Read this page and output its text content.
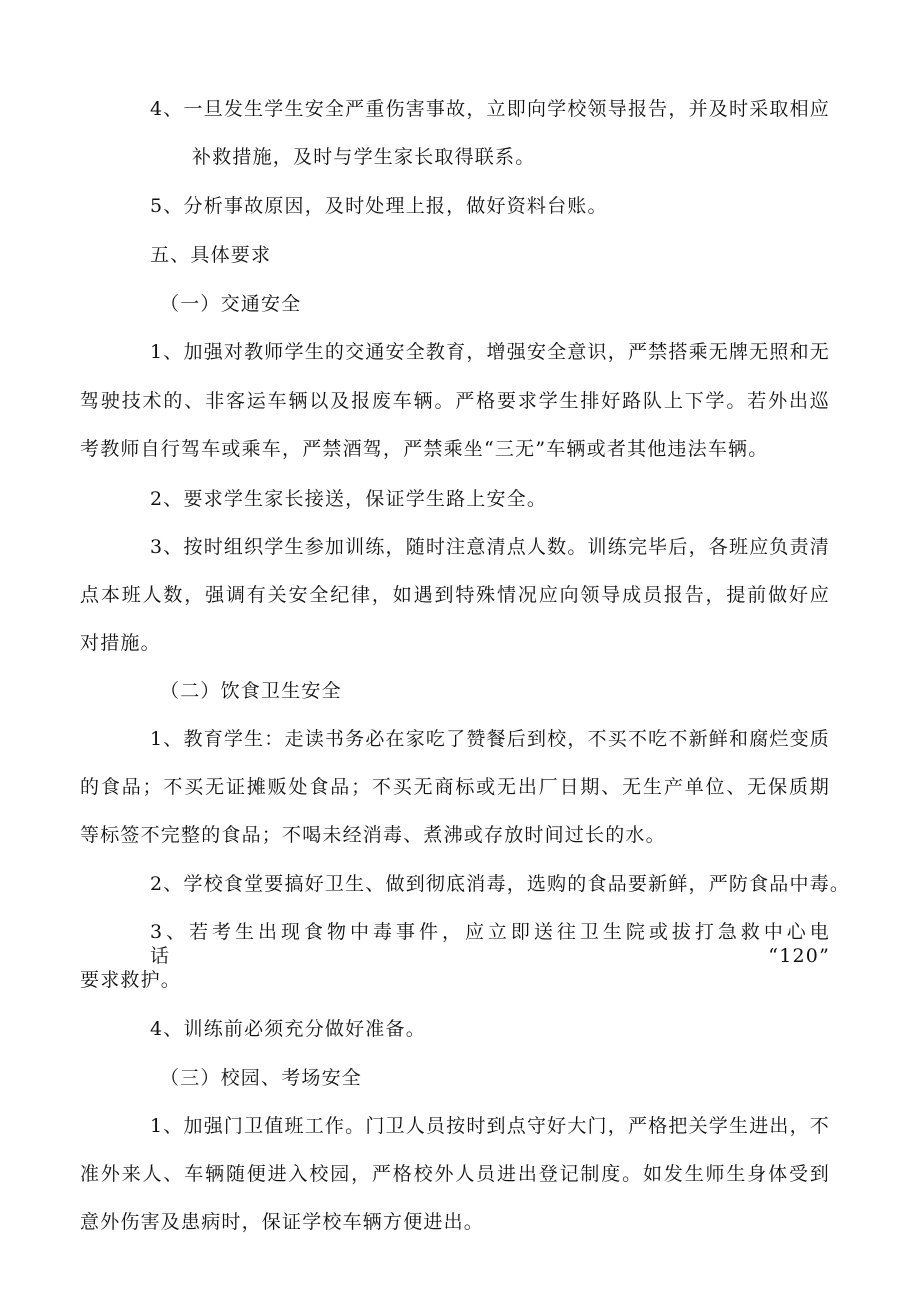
4、一旦发生学生安全严重伤害事故，立即向学校领导报告，并及时采取相应
补救措施，及时与学生家长取得联系。
5、分析事故原因，及时处理上报，做好资料台账。
五、具体要求
（一）交通安全
1、加强对教师学生的交通安全教育，增强安全意识，严禁搭乘无牌无照和无
驾驶技术的、非客运车辆以及报废车辆。严格要求学生排好路队上下学。若外出巡
考教师自行驾车或乘车，严禁酒驾，严禁乘坐“三无”车辆或者其他违法车辆。
2、要求学生家长接送，保证学生路上安全。
3、按时组织学生参加训练，随时注意清点人数。训练完毕后，各班应负责清
点本班人数，强调有关安全纪律，如遇到特殊情况应向领导成员报告，提前做好应
对措施。
（二）饮食卫生安全
1、教育学生：走读书务必在家吃了赞餐后到校，不买不吃不新鲜和腐烂变质
的食品；不买无证摊贩处食品；不买无商标或无出厂日期、无生产单位、无保质期
等标签不完整的食品；不喝未经消毒、煮沸或存放时间过长的水。
2、学校食堂要搞好卫生、做到彻底消毒，选购的食品要新鲜，严防食品中毒。
3、若考生出现食物中毒事件，应立即送往卫生院或拔打急救中心电话“120”
要求救护。
4、训练前必须充分做好准备。
（三）校园、考场安全
1、加强门卫值班工作。门卫人员按时到点守好大门，严格把关学生进出，不
准外来人、车辆随便进入校园，严格校外人员进出登记制度。如发生师生身体受到
意外伤害及患病时，保证学校车辆方便进出。
